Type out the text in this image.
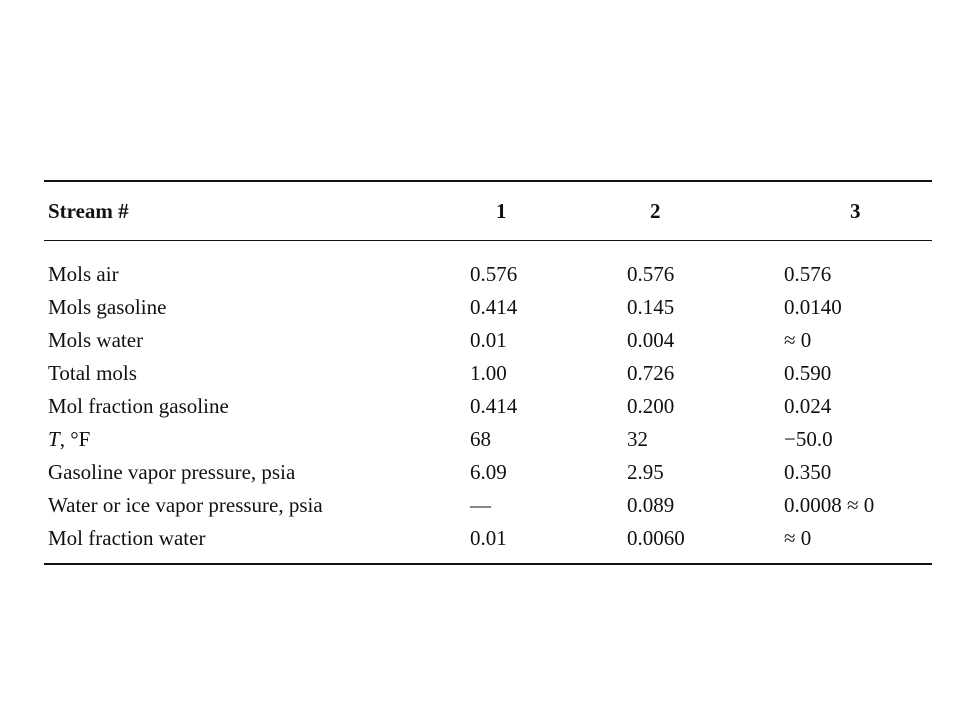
Stream #	1	2	3
Mols air	0.576	0.576	0.576
Mols gasoline	0.414	0.145	0.0140
Mols water	0.01	0.004	≈ 0
Total mols	1.00	0.726	0.590
Mol fraction gasoline	0.414	0.200	0.024
T, °F	68	32	−50.0
Gasoline vapor pressure, psia	6.09	2.95	0.350
Water or ice vapor pressure, psia	—	0.089	0.0008 ≈ 0
Mol fraction water	0.01	0.0060	≈ 0
